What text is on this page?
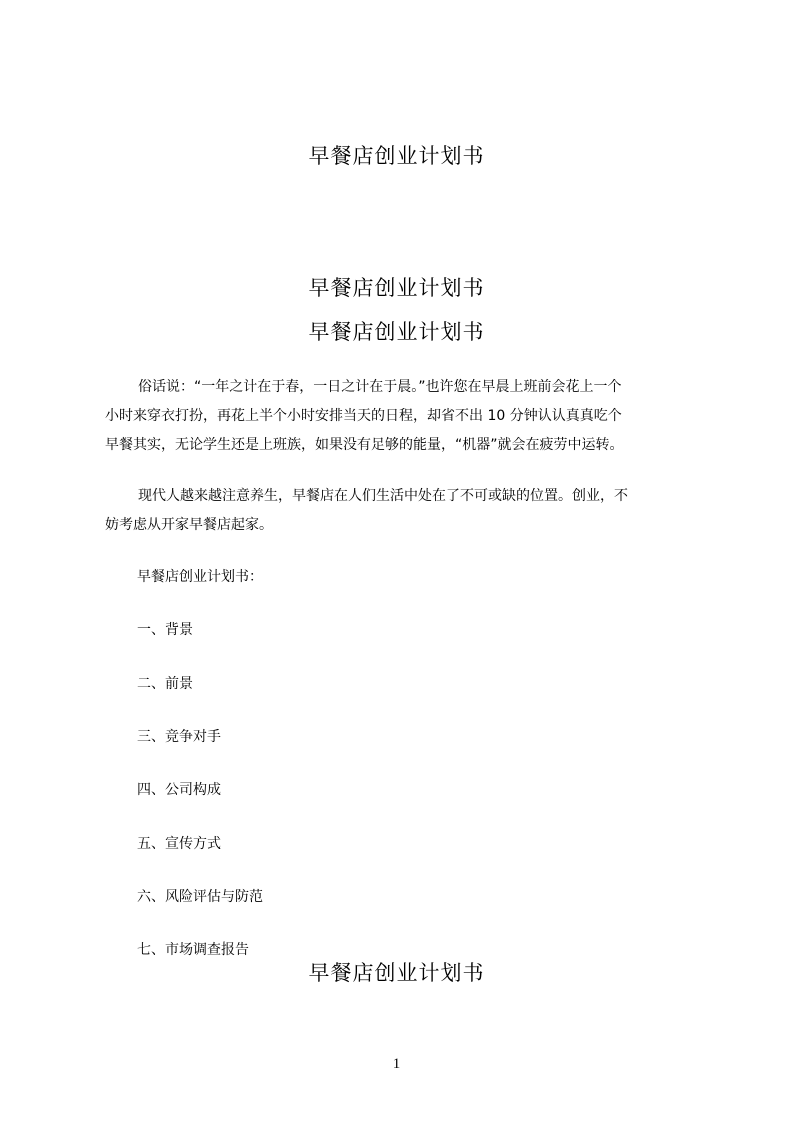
早餐店创业计划书
早餐店创业计划书
早餐店创业计划书
俗话说：“一年之计在于春，一日之计在于晨。”也许您在早晨上班前会花上一个
小时来穿衣打扮，再花上半个小时安排当天的日程，却省不出 10 分钟认认真真吃个
早餐其实，无论学生还是上班族，如果没有足够的能量，“机器”就会在疲劳中运转。
现代人越来越注意养生，早餐店在人们生活中处在了不可或缺的位置。创业，不
妨考虑从开家早餐店起家。

早餐店创业计划书：

一、背景

二、前景

三、竞争对手

四、公司构成

五、宣传方式

六、风险评估与防范

七、市场调查报告

早餐店创业计划书
1
